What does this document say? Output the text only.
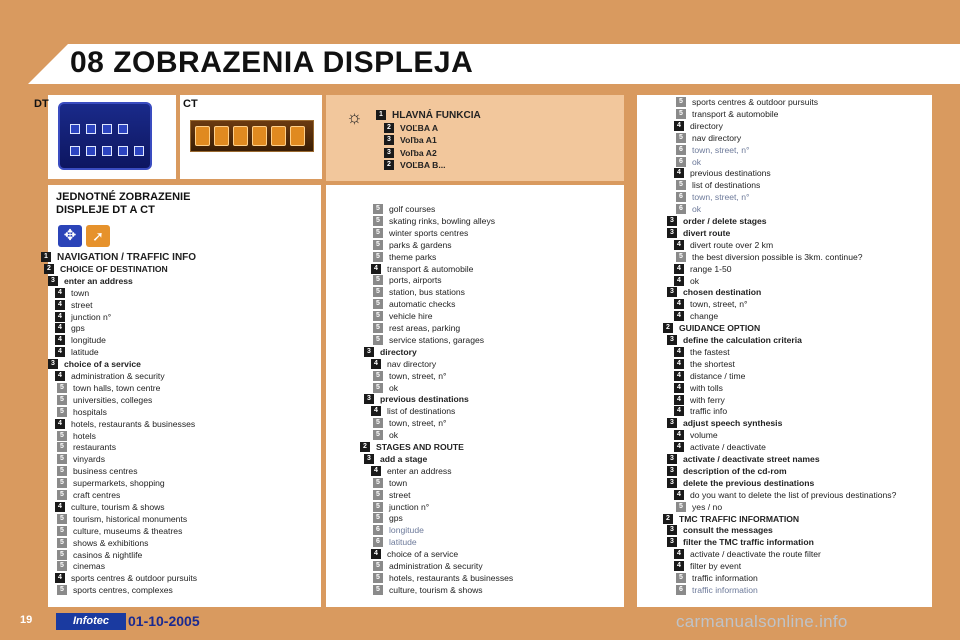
08 ZOBRAZENIA DISPLEJA
DT	CT
JEDNOTNÉ ZOBRAZENIE
DISPLEJE DT A CT
✥	➚
☼	1 HLAVNÁ FUNKCIA
2 VOĽBA A
3 Voľba A1
3 Voľba A2
2 VOĽBA B...
1 NAVIGATION / TRAFFIC INFO
2 CHOICE OF DESTINATION
3 enter an address
4 town
4 street
4 junction n°
4 gps
4 longitude
4 latitude
3 choice of a service
4 administration & security
5 town halls, town centre
5 universities, colleges
5 hospitals
4 hotels, restaurants & businesses
5 hotels
5 restaurants
5 vinyards
5 business centres
5 supermarkets, shopping
5 craft centres
4 culture, tourism & shows
5 tourism, historical monuments
5 culture, museums & theatres
5 shows & exhibitions
5 casinos & nightlife
5 cinemas
4 sports centres & outdoor pursuits
5 sports centres, complexes
5 golf courses
5 skating rinks, bowling alleys
5 winter sports centres
5 parks & gardens
5 theme parks
4 transport & automobile
5 ports, airports
5 station, bus stations
5 automatic checks
5 vehicle hire
5 rest areas, parking
5 service stations, garages
3 directory
4 nav directory
5 town, street, n°
5 ok
3 previous destinations
4 list of destinations
5 town, street, n°
5 ok
2 STAGES AND ROUTE
3 add a stage
4 enter an address
5 town
5 street
5 junction n°
5 gps
6 longitude
6 latitude
4 choice of a service
5 administration & security
5 hotels, restaurants & businesses
5 culture, tourism & shows
5 sports centres & outdoor pursuits
5 transport & automobile
4 directory
5 nav directory
6 town, street, n°
6 ok
4 previous destinations
5 list of destinations
6 town, street, n°
6 ok
3 order / delete stages
3 divert route
4 divert route over 2 km
5 the best diversion possible is 3km. continue?
4 range 1-50
4 ok
3 chosen destination
4 town, street, n°
4 change
2 GUIDANCE OPTION
3 define the calculation criteria
4 the fastest
4 the shortest
4 distance / time
4 with tolls
4 with ferry
4 traffic info
3 adjust speech synthesis
4 volume
4 activate / deactivate
3 activate / deactivate street names
3 description of the cd-rom
3 delete the previous destinations
4 do you want to delete the list of previous destinations?
5 yes / no
2 TMC TRAFFIC INFORMATION
3 consult the messages
3 filter the TMC traffic information
4 activate / deactivate the route filter
4 filter by event
5 traffic information
6 traffic information
19	Infotec	01-10-2005	carmanualsonline.info
